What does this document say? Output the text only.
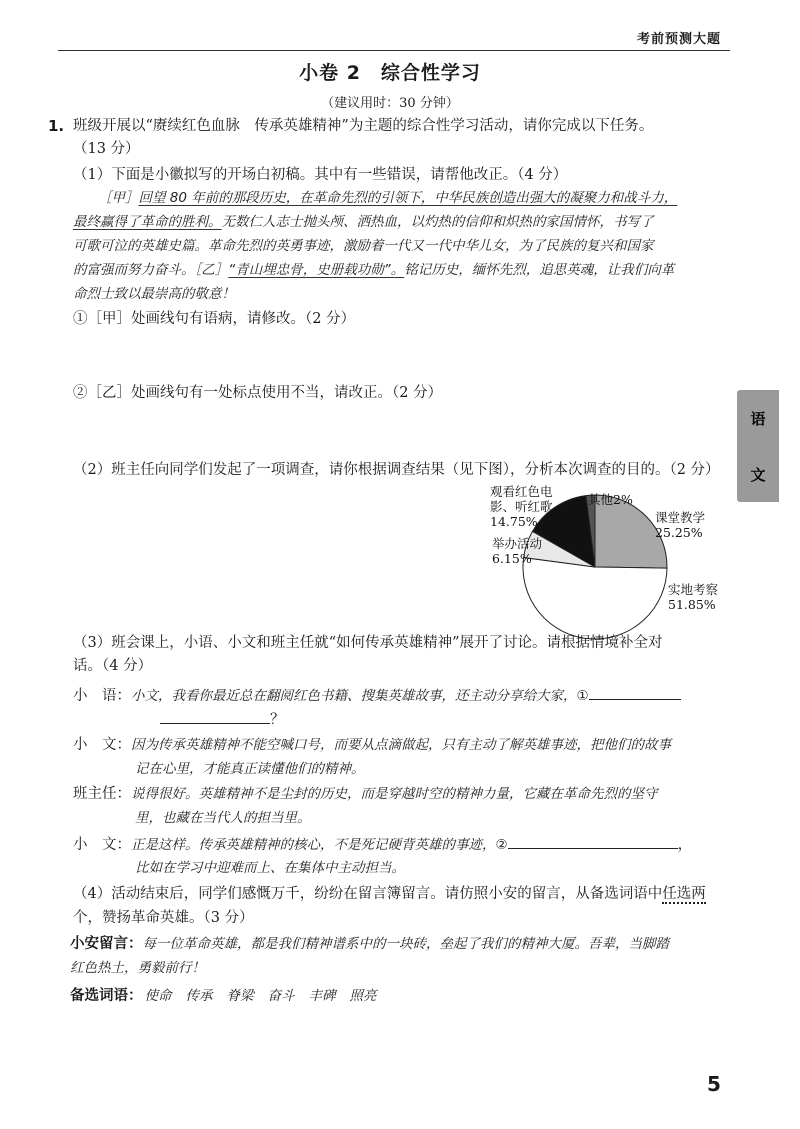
考前预测大题
小卷 2　综合性学习
（建议用时：30 分钟）
1. 班级开展以“赓续红色血脉　传承英雄精神”为主题的综合性学习活动，请你完成以下任务。
（13 分）
（1）下面是小徽拟写的开场白初稿。其中有一些错误，请帮他改正。（4 分）
［甲］回望 80 年前的那段历史，在革命先烈的引领下，中华民族创造出强大的凝聚力和战斗力，
最终赢得了革命的胜利。无数仁人志士抛头颅、洒热血，以灼热的信仰和炽热的家国情怀，书写了
可歌可泣的英雄史篇。革命先烈的英勇事迹，激励着一代又一代中华儿女，为了民族的复兴和国家
的富强而努力奋斗。［乙］“青山埋忠骨，史册载功勋”。铭记历史，缅怀先烈，追思英魂，让我们向革
命烈士致以最崇高的敬意！
①［甲］处画线句有语病，请修改。（2 分）
②［乙］处画线句有一处标点使用不当，请改正。（2 分）
（2）班主任向同学们发起了一项调查，请你根据调查结果（见下图），分析本次调查的目的。（2 分）
语
文
课堂教学 25.25%
实地考察 51.85%
举办活动 6.15%
观看红色电影、听红歌 14.75%
其他2%
（3）班会课上，小语、小文和班主任就“如何传承英雄精神”展开了讨论。请根据情境补全对
话。（4 分）
小　语：小文，我看你最近总在翻阅红色书籍、搜集英雄故事，还主动分享给大家，①
？
小　文：因为传承英雄精神不能空喊口号，而要从点滴做起，只有主动了解英雄事迹，把他们的故事
记在心里，才能真正读懂他们的精神。
班主任：说得很好。英雄精神不是尘封的历史，而是穿越时空的精神力量，它藏在革命先烈的坚守
里，也藏在当代人的担当里。
小　文：正是这样。传承英雄精神的核心，不是死记硬背英雄的事迹，②	，
比如在学习中迎难而上、在集体中主动担当。
（4）活动结束后，同学们感慨万千，纷纷在留言簿留言。请仿照小安的留言，从备选词语中任选两
个，赞扬革命英雄。（3 分）
小安留言：每一位革命英雄，都是我们精神谱系中的一块砖，垒起了我们的精神大厦。吾辈，当脚踏
红色热土，勇毅前行！
备选词语： 使命 传承 脊梁 奋斗 丰碑 照亮
5
